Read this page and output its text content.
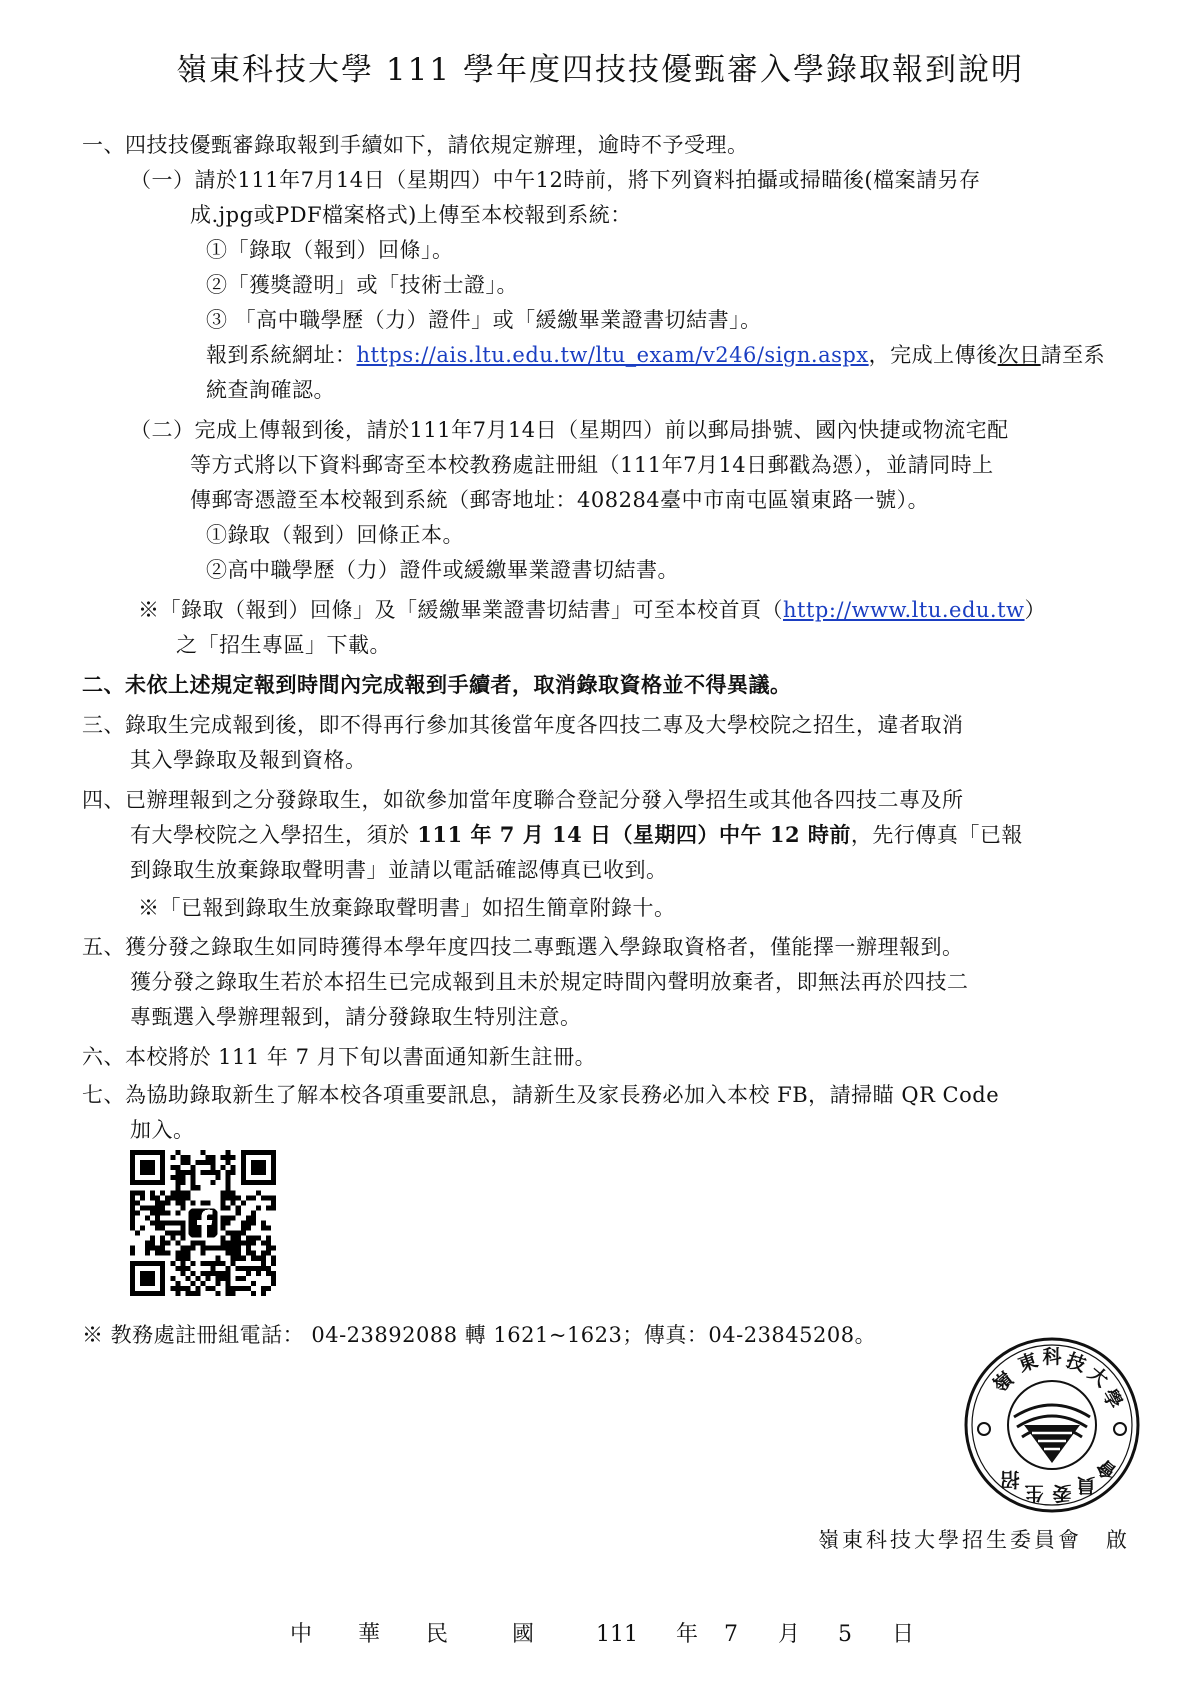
嶺東科技大學 111 學年度四技技優甄審入學錄取報到說明
一、四技技優甄審錄取報到手續如下，請依規定辦理，逾時不予受理。
（一）請於111年7月14日（星期四）中午12時前，將下列資料拍攝或掃瞄後(檔案請另存
成.jpg或PDF檔案格式)上傳至本校報到系統：
①「錄取（報到）回條」。
②「獲獎證明」或「技術士證」。
③ 「高中職學歷（力）證件」或「緩繳畢業證書切結書」。
報到系統網址：https://ais.ltu.edu.tw/ltu_exam/v246/sign.aspx，完成上傳後次日請至系
統查詢確認。
（二）完成上傳報到後，請於111年7月14日（星期四）前以郵局掛號、國內快捷或物流宅配
等方式將以下資料郵寄至本校教務處註冊組（111年7月14日郵戳為憑），並請同時上
傳郵寄憑證至本校報到系統（郵寄地址：408284臺中市南屯區嶺東路一號）。
①錄取（報到）回條正本。
②高中職學歷（力）證件或緩繳畢業證書切結書。
※「錄取（報到）回條」及「緩繳畢業證書切結書」可至本校首頁（http://www.ltu.edu.tw）
之「招生專區」下載。
二、未依上述規定報到時間內完成報到手續者，取消錄取資格並不得異議。
三、錄取生完成報到後，即不得再行參加其後當年度各四技二專及大學校院之招生，違者取消
其入學錄取及報到資格。
四、已辦理報到之分發錄取生，如欲參加當年度聯合登記分發入學招生或其他各四技二專及所
有大學校院之入學招生，須於 111 年 7 月 14 日（星期四）中午 12 時前，先行傳真「已報
到錄取生放棄錄取聲明書」並請以電話確認傳真已收到。
※「已報到錄取生放棄錄取聲明書」如招生簡章附錄十。
五、獲分發之錄取生如同時獲得本學年度四技二專甄選入學錄取資格者，僅能擇一辦理報到。
獲分發之錄取生若於本招生已完成報到且未於規定時間內聲明放棄者，即無法再於四技二
專甄選入學辦理報到，請分發錄取生特別注意。
六、本校將於 111 年 7 月下旬以書面通知新生註冊。
七、為協助錄取新生了解本校各項重要訊息，請新生及家長務必加入本校 FB，請掃瞄 QR Code
加入。
※ 教務處註冊組電話： 04-23892088 轉 1621~1623；傳真：04-23845208。
嶺
東 科 技
大
學
招
生 委 員
會
嶺東科技大學招生委員會　啟
中 華 民	國	111 年 7 月 5 日
